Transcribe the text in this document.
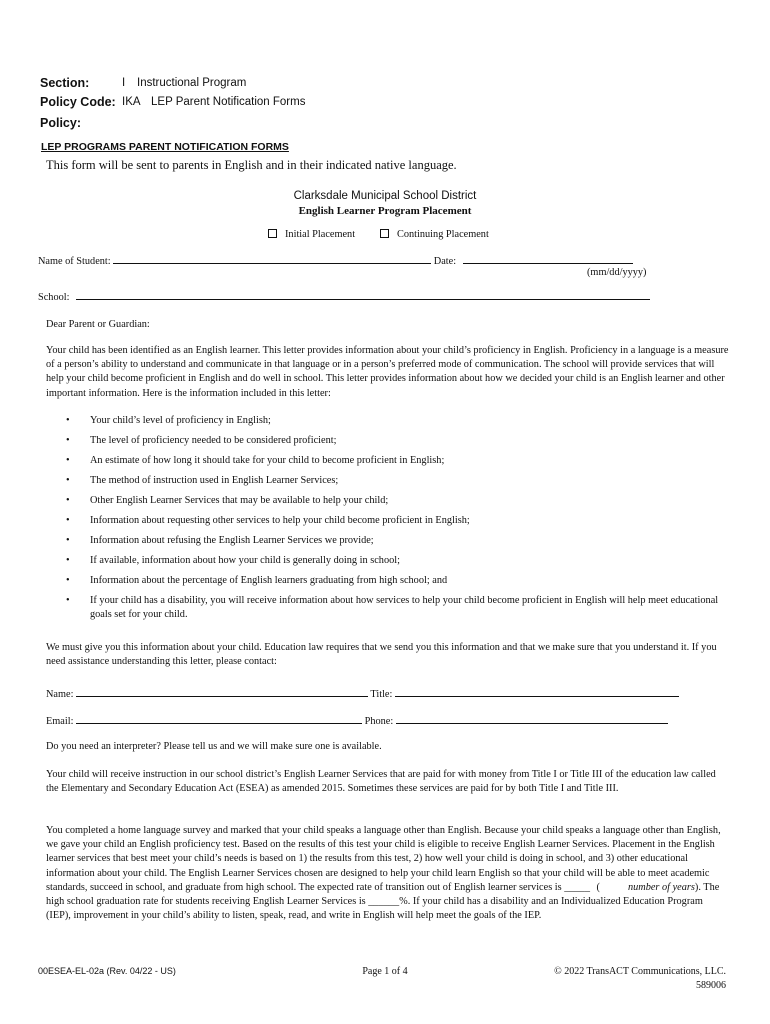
Section:	I Instructional Program
Policy Code: IKA LEP Parent Notification Forms
Policy:
LEP PROGRAMS PARENT NOTIFICATION FORMS
This form will be sent to parents in English and in their indicated native language.
Clarksdale Municipal School District
English Learner Program Placement
Initial Placement	Continuing Placement
Name of Student:	Date:
(mm/dd/yyyy)
School:
Dear Parent or Guardian:
Your child has been identified as an English learner. This letter provides information about your child’s proficiency in English. Proficiency in a language is a measure of a person’s ability to understand and communicate in that language or in a person’s preferred mode of communication. The school will provide services that will help your child become proficient in English and do well in school. This letter provides information about how we decided your child is an English learner and other important information. Here is the information included in this letter:
• Your child’s level of proficiency in English;
• The level of proficiency needed to be considered proficient;
• An estimate of how long it should take for your child to become proficient in English;
• The method of instruction used in English Learner Services;
• Other English Learner Services that may be available to help your child;
• Information about requesting other services to help your child become proficient in English;
• Information about refusing the English Learner Services we provide;
• If available, information about how your child is generally doing in school;
• Information about the percentage of English learners graduating from high school; and
• If your child has a disability, you will receive information about how services to help your child become proficient in English will help meet educational goals set for your child.
We must give you this information about your child. Education law requires that we send you this information and that we make sure that you understand it. If you need assistance understanding this letter, please contact:
Name:	Title:
Email:	Phone:
Do you need an interpreter? Please tell us and we will make sure one is available.
Your child will receive instruction in our school district’s English Learner Services that are paid for with money from Title I or Title III of the education law called the Elementary and Secondary Education Act (ESEA) as amended 2015. Sometimes these services are paid for by both Title I and Title III.
You completed a home language survey and marked that your child speaks a language other than English. Because your child speaks a language other than English, we gave your child an English proficiency test. Based on the results of this test your child is eligible to receive English Learner Services. Placement in the English learner services that best meet your child’s needs is based on 1) the results from this test, 2) how well your child is doing in school, and 3) other educational information about your child. The English Learner Services chosen are designed to help your child learn English so that your child will be able to meet academic standards, succeed in school, and graduate from high school. The expected rate of transition out of English learner services is _____ (	number of years). The high school graduation rate for students receiving English Learner Services is ______%. If your child has a disability and an Individualized Education Program (IEP), improvement in your child’s ability to listen, speak, read, and write in English will help meet the goals of the IEP.
00ESEA-EL-02a (Rev. 04/22 - US)	Page 1 of 4	© 2022 TransACT Communications, LLC.
589006
